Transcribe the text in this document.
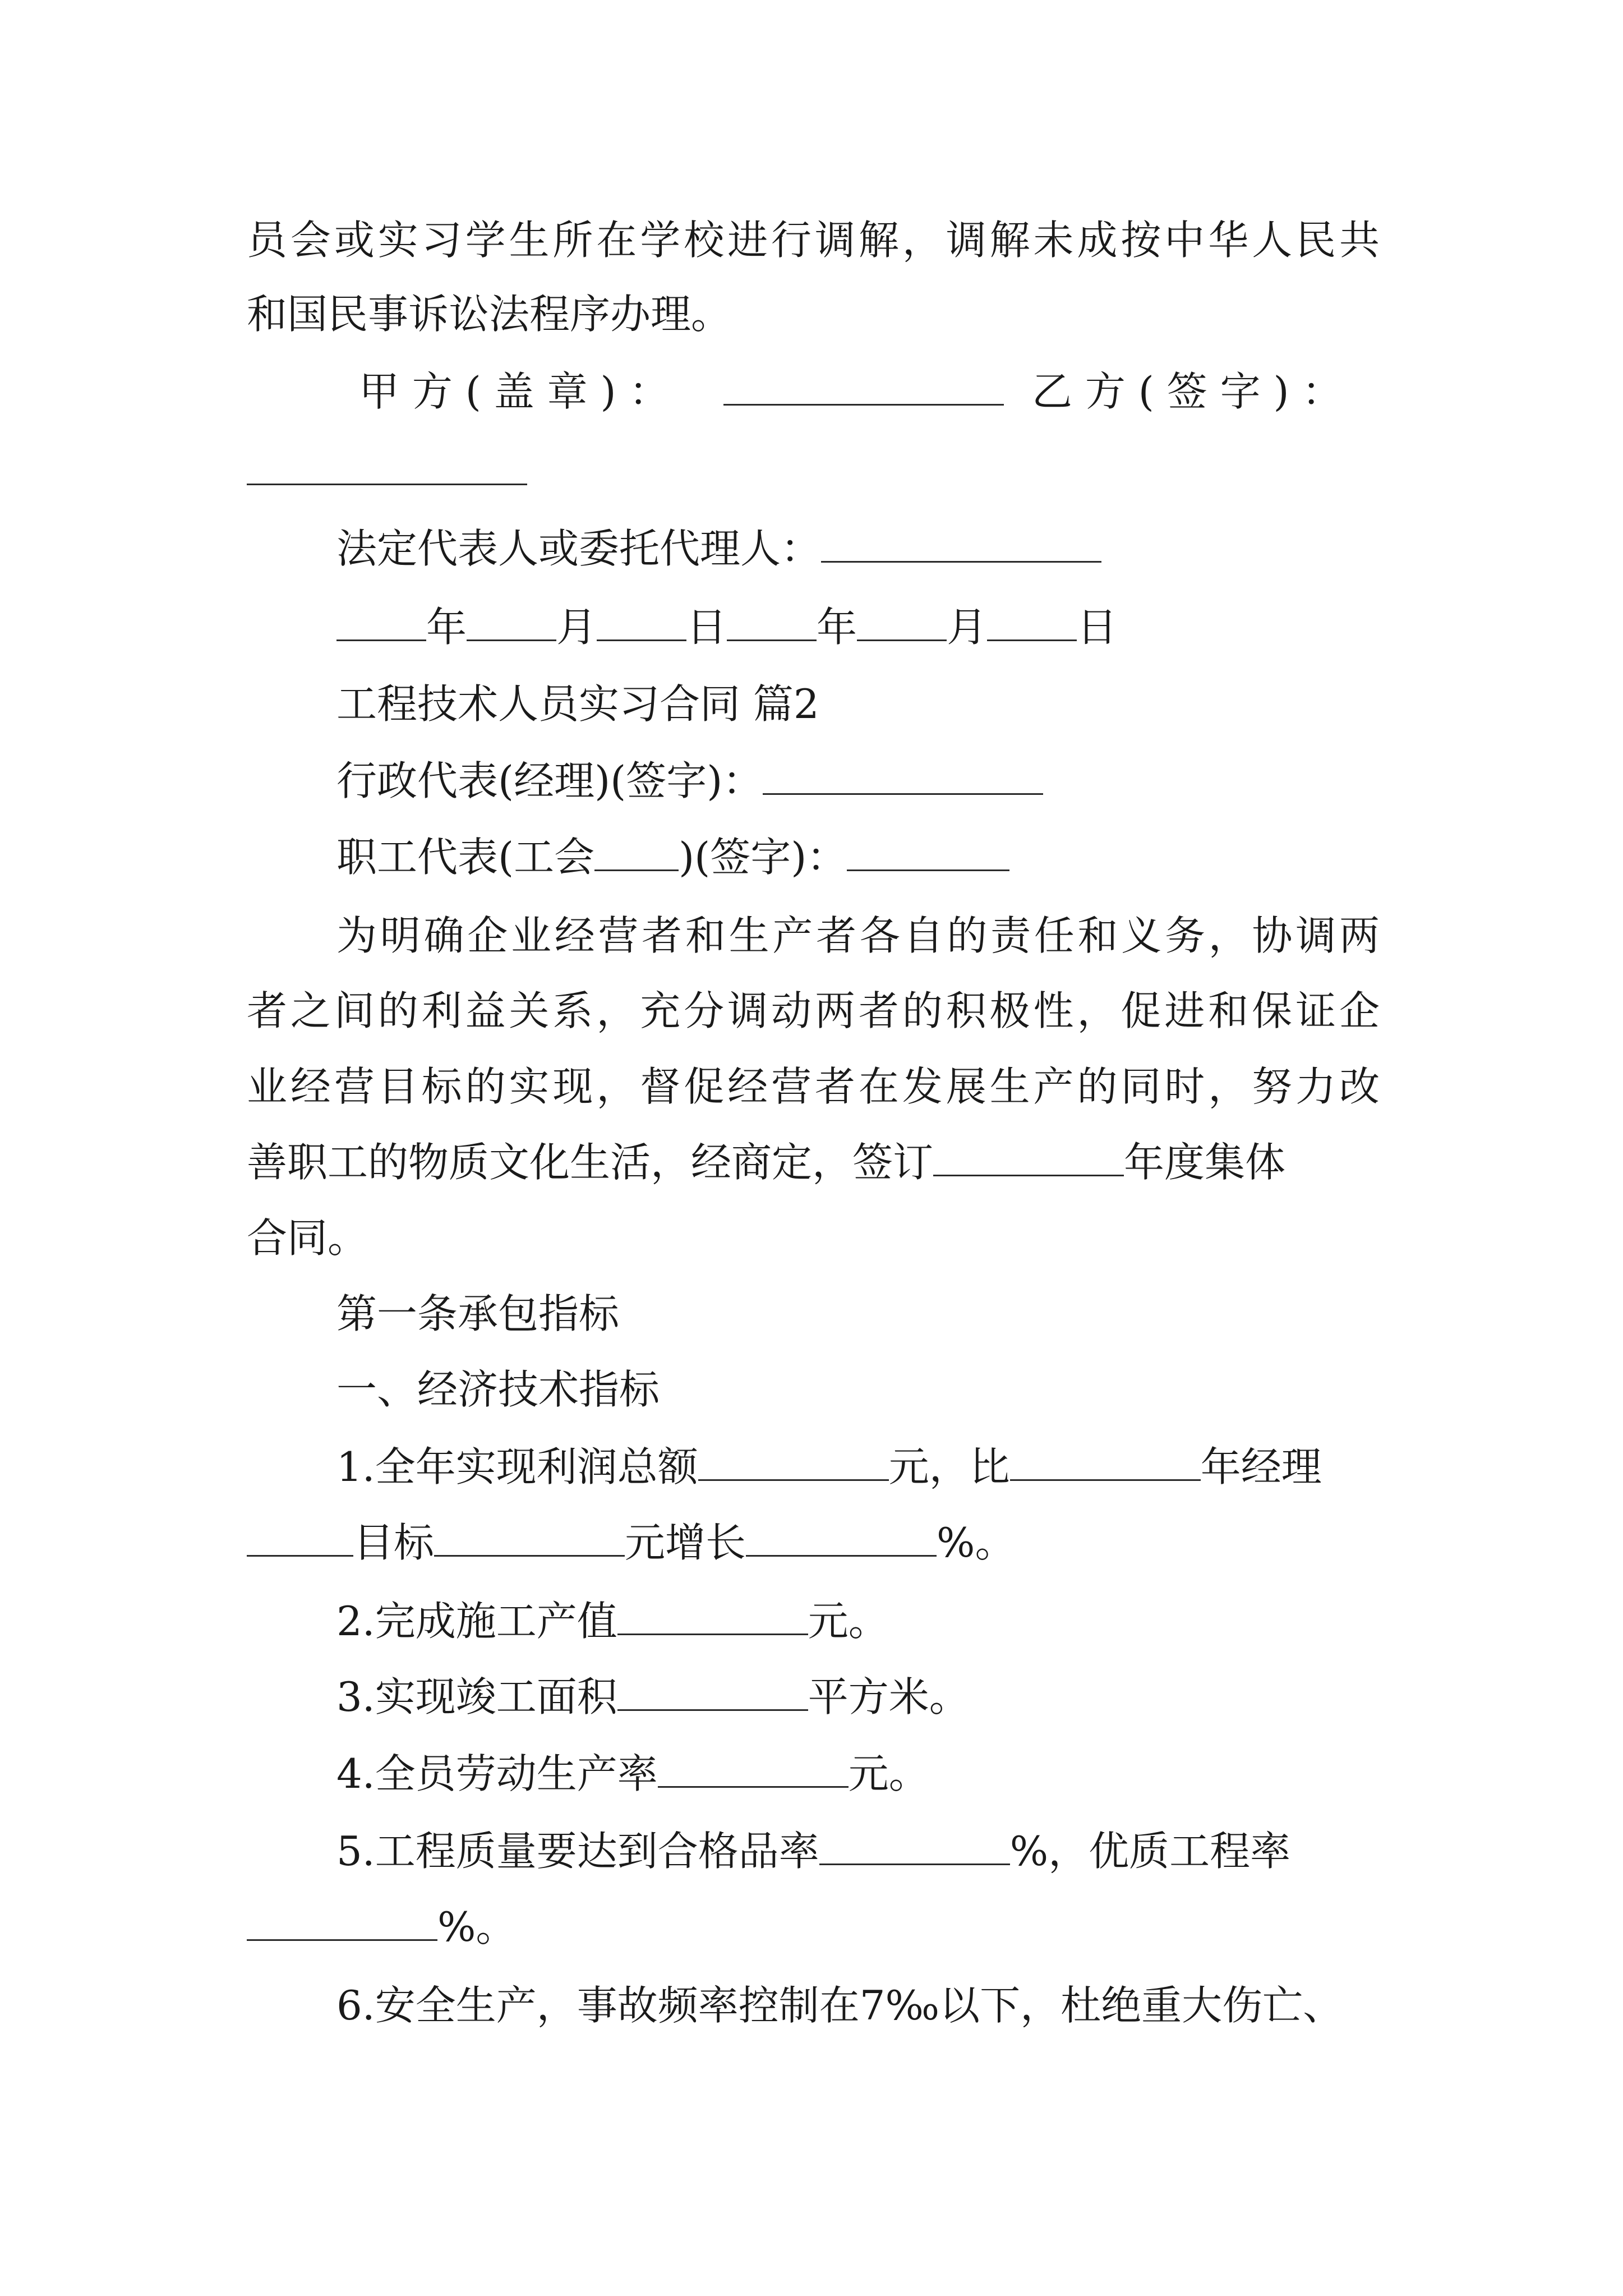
员会或实习学生所在学校进行调解，调解未成按中华人民共
和国民事诉讼法程序办理。
甲 方 ( 盖 章 ) ：	乙 方 ( 签 字 ) ：
法定代表人或委托代理人：
年 月 日 年 月 日
工程技术人员实习合同 篇2
行政代表(经理)(签字)：
职工代表(工会 )(签字)：
为明确企业经营者和生产者各自的责任和义务，协调两
者之间的利益关系，充分调动两者的积极性，促进和保证企
业经营目标的实现，督促经营者在发展生产的同时，努力改
善职工的物质文化生活，经商定，签订	年度集体
合同。
第一条承包指标
一、经济技术指标
1.全年实现利润总额	元，比	年经理
目标	元增长	%。
2.完成施工产值	元。
3.实现竣工面积	平方米。
4.全员劳动生产率	元。
5.工程质量要达到合格品率	%，优质工程率
%。
6.安全生产，事故频率控制在7‰以下，杜绝重大伤亡、
